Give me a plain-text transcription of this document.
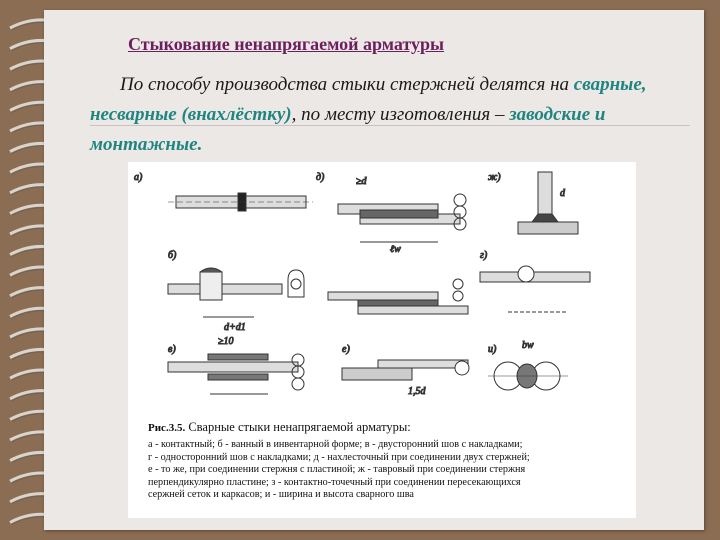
Стыкование ненапрягаемой арматуры
По способу производства стыки стержней делятся на сварные, несварные (внахлёстку), по месту изготовления – заводские и монтажные.
а)	д)	≥d
ℓw
ж)
d
б)
d+d1
г)
в)
≥10
е)
1,5d
и)	bw
Рис.3.5. Сварные стыки ненапрягаемой арматуры:
а - контактный; б - ванный в инвентарной форме; в - двусторонний шов с накладками;
г - односторонний шов с накладками; д - нахлесточный при соединении двух стержней;
е - то же, при соединении стержня с пластиной; ж - тавровый при соединении стержня
перпендикулярно пластине; з - контактно-точечный при соединении пересекающихся
сержней сеток и каркасов; и - ширина и высота сварного шва
